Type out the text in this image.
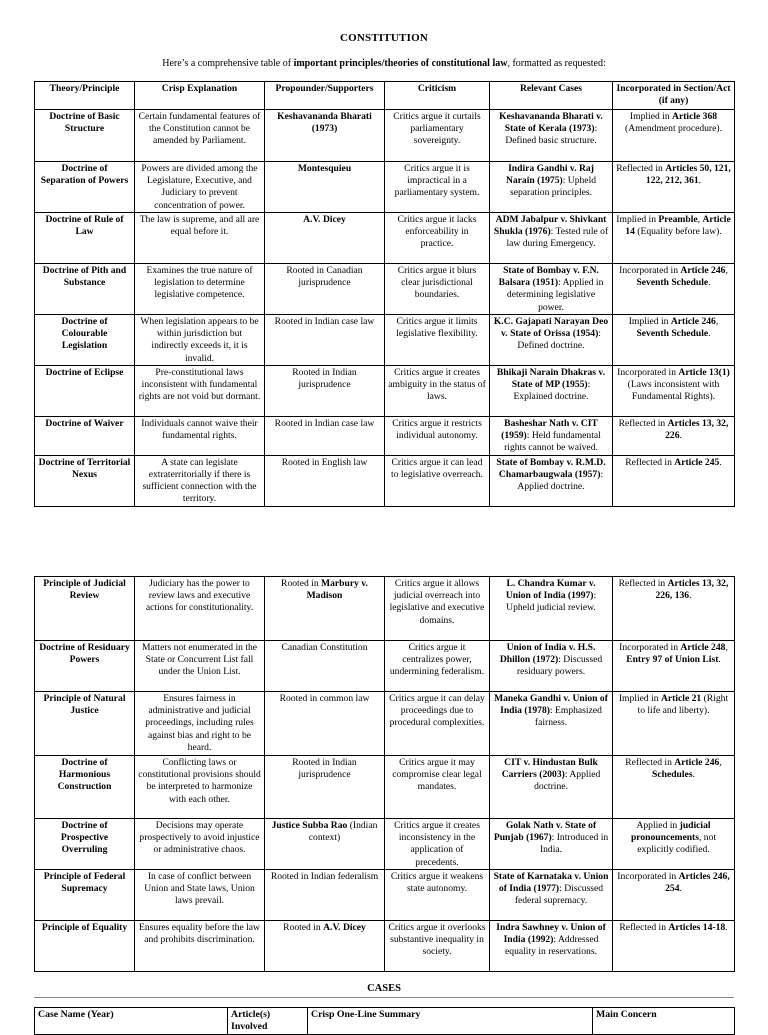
CONSTITUTION
Here’s a comprehensive table of important principles/theories of constitutional law, formatted as requested:
Theory/Principle	Crisp Explanation	Propounder/Supporters	Criticism	Relevant Cases	Incorporated in Section/Act (if any)
Doctrine of Basic Structure	Certain fundamental features of the Constitution cannot be amended by Parliament.	Keshavananda Bharati (1973)	Critics argue it curtails parliamentary sovereignty.	Keshavananda Bharati v. State of Kerala (1973): Defined basic structure.	Implied in Article 368 (Amendment procedure).
Doctrine of Separation of Powers	Powers are divided among the Legislature, Executive, and Judiciary to prevent concentration of power.	Montesquieu	Critics argue it is impractical in a parliamentary system.	Indira Gandhi v. Raj Narain (1975): Upheld separation principles.	Reflected in Articles 50, 121, 122, 212, 361.
Doctrine of Rule of Law	The law is supreme, and all are equal before it.	A.V. Dicey	Critics argue it lacks enforceability in practice.	ADM Jabalpur v. Shivkant Shukla (1976): Tested rule of law during Emergency.	Implied in Preamble, Article 14 (Equality before law).
Doctrine of Pith and Substance	Examines the true nature of legislation to determine legislative competence.	Rooted in Canadian jurisprudence	Critics argue it blurs clear jurisdictional boundaries.	State of Bombay v. F.N. Balsara (1951): Applied in determining legislative power.	Incorporated in Article 246, Seventh Schedule.
Doctrine of Colourable Legislation	When legislation appears to be within jurisdiction but indirectly exceeds it, it is invalid.	Rooted in Indian case law	Critics argue it limits legislative flexibility.	K.C. Gajapati Narayan Deo v. State of Orissa (1954): Defined doctrine.	Implied in Article 246, Seventh Schedule.
Doctrine of Eclipse	Pre-constitutional laws inconsistent with fundamental rights are not void but dormant.	Rooted in Indian jurisprudence	Critics argue it creates ambiguity in the status of laws.	Bhikaji Narain Dhakras v. State of MP (1955): Explained doctrine.	Incorporated in Article 13(1) (Laws inconsistent with Fundamental Rights).
Doctrine of Waiver	Individuals cannot waive their fundamental rights.	Rooted in Indian case law	Critics argue it restricts individual autonomy.	Basheshar Nath v. CIT (1959): Held fundamental rights cannot be waived.	Reflected in Articles 13, 32, 226.
Doctrine of Territorial Nexus	A state can legislate extraterritorially if there is sufficient connection with the territory.	Rooted in English law	Critics argue it can lead to legislative overreach.	State of Bombay v. R.M.D. Chamarbaugwala (1957): Applied doctrine.	Reflected in Article 245.
Principle of Judicial Review	Judiciary has the power to review laws and executive actions for constitutionality.	Rooted in Marbury v. Madison	Critics argue it allows judicial overreach into legislative and executive domains.	L. Chandra Kumar v. Union of India (1997): Upheld judicial review.	Reflected in Articles 13, 32, 226, 136.
Doctrine of Residuary Powers	Matters not enumerated in the State or Concurrent List fall under the Union List.	Canadian Constitution	Critics argue it centralizes power, undermining federalism.	Union of India v. H.S. Dhillon (1972): Discussed residuary powers.	Incorporated in Article 248, Entry 97 of Union List.
Principle of Natural Justice	Ensures fairness in administrative and judicial proceedings, including rules against bias and right to be heard.	Rooted in common law	Critics argue it can delay proceedings due to procedural complexities.	Maneka Gandhi v. Union of India (1978): Emphasized fairness.	Implied in Article 21 (Right to life and liberty).
Doctrine of Harmonious Construction	Conflicting laws or constitutional provisions should be interpreted to harmonize with each other.	Rooted in Indian jurisprudence	Critics argue it may compromise clear legal mandates.	CIT v. Hindustan Bulk Carriers (2003): Applied doctrine.	Reflected in Article 246, Schedules.
Doctrine of Prospective Overruling	Decisions may operate prospectively to avoid injustice or administrative chaos.	Justice Subba Rao (Indian context)	Critics argue it creates inconsistency in the application of precedents.	Golak Nath v. State of Punjab (1967): Introduced in India.	Applied in judicial pronouncements, not explicitly codified.
Principle of Federal Supremacy	In case of conflict between Union and State laws, Union laws prevail.	Rooted in Indian federalism	Critics argue it weakens state autonomy.	State of Karnataka v. Union of India (1977): Discussed federal supremacy.	Incorporated in Articles 246, 254.
Principle of Equality	Ensures equality before the law and prohibits discrimination.	Rooted in A.V. Dicey	Critics argue it overlooks substantive inequality in society.	Indra Sawhney v. Union of India (1992): Addressed equality in reservations.	Reflected in Articles 14-18.
CASES
Case Name (Year)	Article(s) Involved	Crisp One-Line Summary	Main Concern
